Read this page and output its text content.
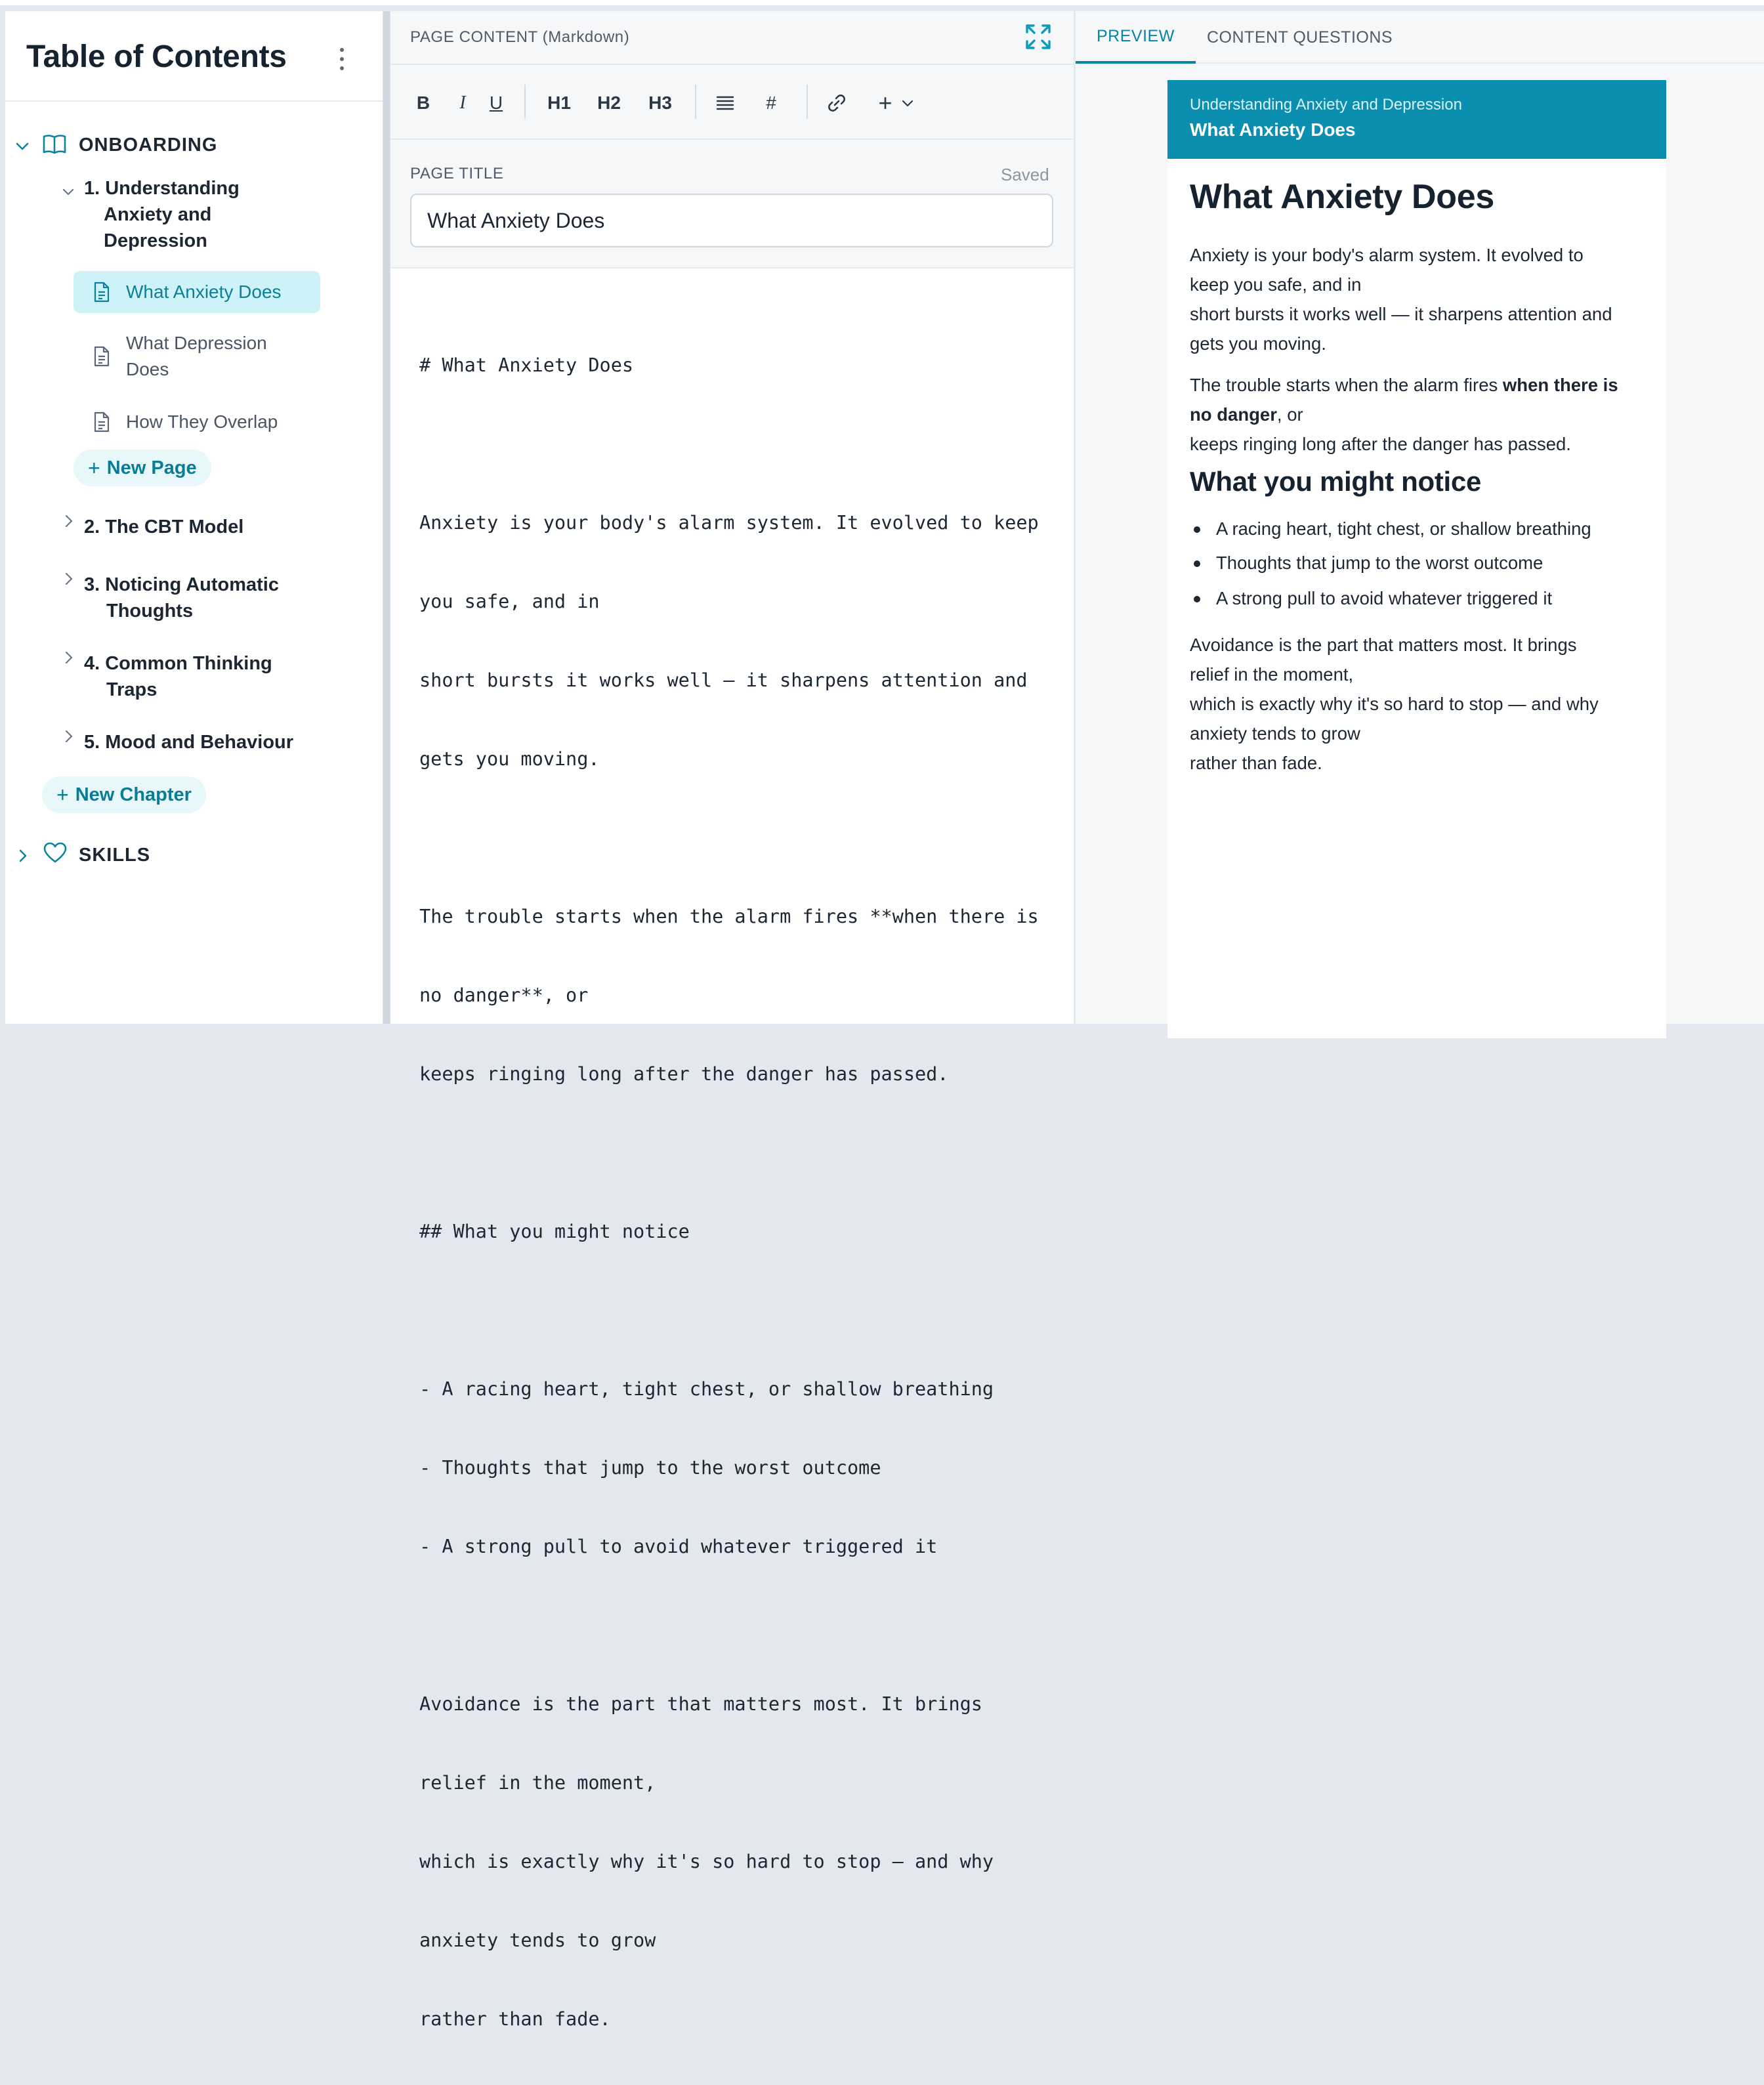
Table of Contents
ONBOARDING
1. Understanding
Anxiety and
Depression
What Anxiety Does
What Depression
Does
How They Overlap
+ New Page
2. The CBT Model
3. Noticing Automatic
Thoughts
4. Common Thinking
Traps
5. Mood and Behaviour
+ New Chapter
SKILLS
PAGE CONTENT (Markdown)
B I U H1 H2 H3	#	+
PAGE TITLE	Saved
What Anxiety Does

# What Anxiety Does

Anxiety is your body's alarm system. It evolved to keep

you safe, and in

short bursts it works well — it sharpens attention and

gets you moving.

The trouble starts when the alarm fires **when there is

no danger**, or

keeps ringing long after the danger has passed.

## What you might notice

- A racing heart, tight chest, or shallow breathing

- Thoughts that jump to the worst outcome

- A strong pull to avoid whatever triggered it

Avoidance is the part that matters most. It brings

relief in the moment,

which is exactly why it's so hard to stop — and why

anxiety tends to grow

rather than fade.

PREVIEW	CONTENT QUESTIONS
Understanding Anxiety and Depression
What Anxiety Does
What Anxiety Does
Anxiety is your body's alarm system. It evolved to
keep you safe, and in
short bursts it works well — it sharpens attention and
gets you moving.
The trouble starts when the alarm fires when there is
no danger, or
keeps ringing long after the danger has passed.
What you might notice
A racing heart, tight chest, or shallow breathing
Thoughts that jump to the worst outcome
A strong pull to avoid whatever triggered it
Avoidance is the part that matters most. It brings
relief in the moment,
which is exactly why it's so hard to stop — and why
anxiety tends to grow
rather than fade.
